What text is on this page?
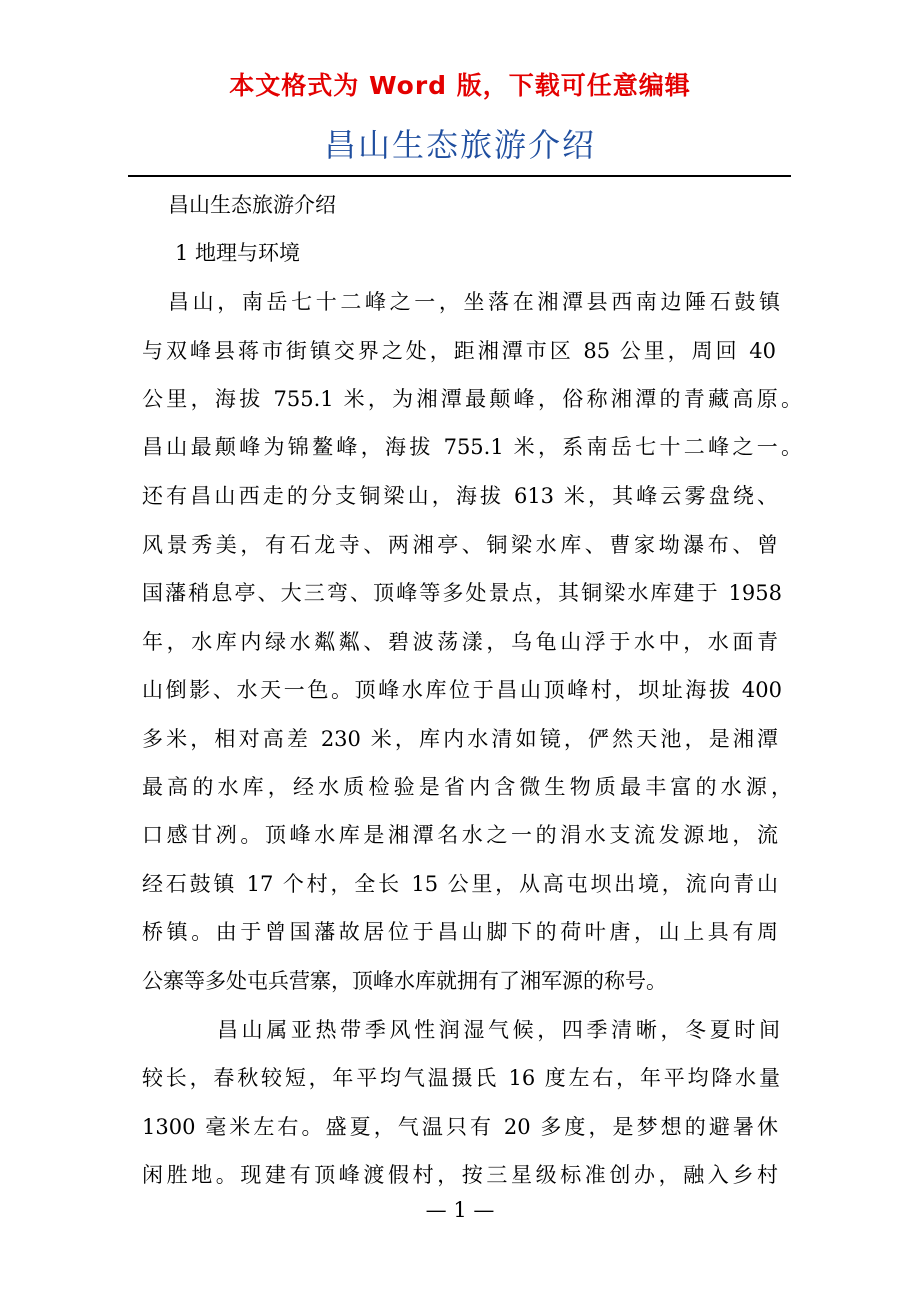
本文格式为 Word 版，下载可任意编辑
昌山生态旅游介绍
昌山生态旅游介绍
1 地理与环境
昌山，南岳七十二峰之一，坐落在湘潭县西南边陲石鼓镇
与双峰县蒋市街镇交界之处，距湘潭市区 85 公里，周回 40
公里，海拔 755.1 米，为湘潭最颠峰，俗称湘潭的青藏高原。
昌山最颠峰为锦鳌峰，海拔 755.1 米，系南岳七十二峰之一。
还有昌山西走的分支铜梁山，海拔 613 米，其峰云雾盘绕、
风景秀美，有石龙寺、两湘亭、铜梁水库、曹家坳瀑布、曾
国藩稍息亭、大三弯、顶峰等多处景点，其铜梁水库建于 1958
年，水库内绿水粼粼、碧波荡漾，乌龟山浮于水中，水面青
山倒影、水天一色。顶峰水库位于昌山顶峰村，坝址海拔 400
多米，相对高差 230 米，库内水清如镜，俨然天池，是湘潭
最高的水库，经水质检验是省内含微生物质最丰富的水源，
口感甘冽。顶峰水库是湘潭名水之一的涓水支流发源地，流
经石鼓镇 17 个村，全长 15 公里，从高屯坝出境，流向青山
桥镇。由于曾国藩故居位于昌山脚下的荷叶唐，山上具有周
公寨等多处屯兵营寨，顶峰水库就拥有了湘军源的称号。
昌山属亚热带季风性润湿气候，四季清晰，冬夏时间
较长，春秋较短，年平均气温摄氏 16 度左右，年平均降水量
1300 毫米左右。盛夏，气温只有 20 多度，是梦想的避暑休
闲胜地。现建有顶峰渡假村，按三星级标准创办，融入乡村
— 1 —
